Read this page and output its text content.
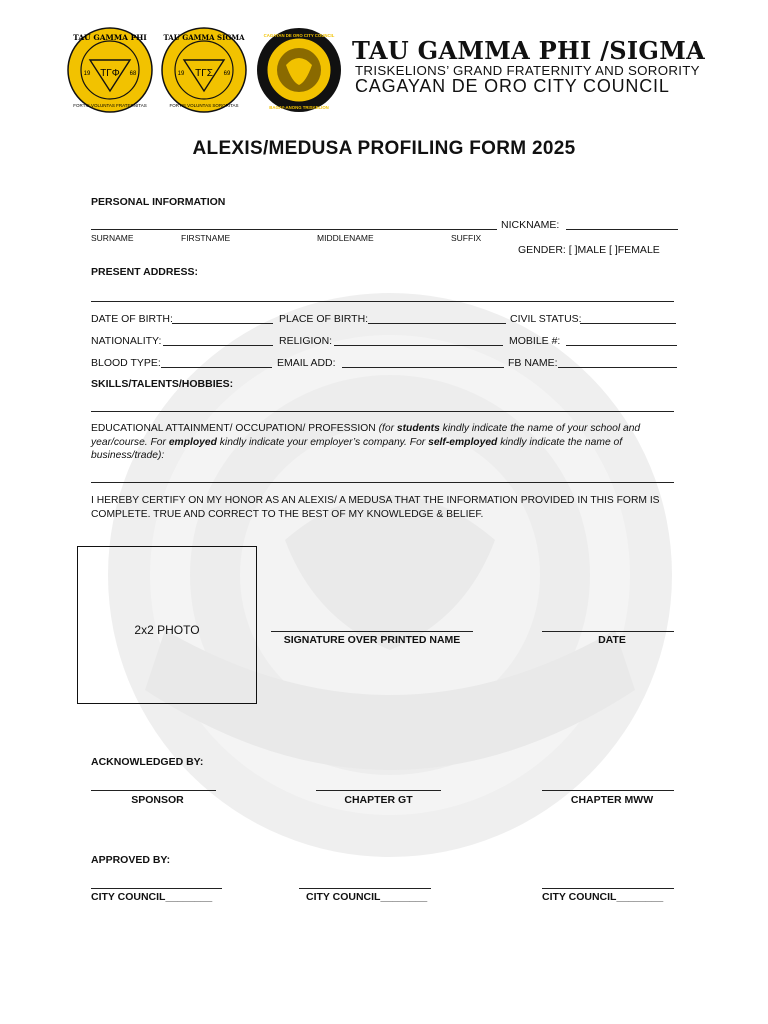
TAU GAMMA PHI
19	68
ΤΓΦ
FORTIS VOLUNTAS FRATERNITAS
TAU GAMMA SIGMA
19	69
ΤΓΣ
FORTIS VOLUNTAS SORORITAS
CAGAYAN DE ORO CITY COUNCIL
BAGAY-ANONG TRISKELION
TAU GAMMA PHI /SIGMA
TRISKELIONS’ GRAND FRATERNITY AND SORORITY
CAGAYAN DE ORO CITY COUNCIL
ALEXIS/MEDUSA PROFILING FORM 2025
PERSONAL INFORMATION
NICKNAME:
SURNAME	FIRSTNAME	MIDDLENAME	SUFFIX
GENDER: [ ]MALE [ ]FEMALE
PRESENT ADDRESS:
DATE OF BIRTH:	PLACE OF BIRTH:	CIVIL STATUS:
NATIONALITY:	RELIGION:	MOBILE #:
BLOOD TYPE:	EMAIL ADD:	FB NAME:
SKILLS/TALENTS/HOBBIES:
EDUCATIONAL ATTAINMENT/ OCCUPATION/ PROFESSION (for students kindly indicate the name of your school and year/course. For employed kindly indicate your employer’s company. For self-employed kindly indicate the name of business/trade):
I HEREBY CERTIFY ON MY HONOR AS AN ALEXIS/ A MEDUSA THAT THE INFORMATION PROVIDED IN THIS FORM IS COMPLETE. TRUE AND CORRECT TO THE BEST OF MY KNOWLEDGE & BELIEF.
2x2 PHOTO
SIGNATURE OVER PRINTED NAME	DATE
ACKNOWLEDGED BY:
SPONSOR	CHAPTER GT	CHAPTER MWW
APPROVED BY:
CITY COUNCIL________	CITY COUNCIL________	CITY COUNCIL________
